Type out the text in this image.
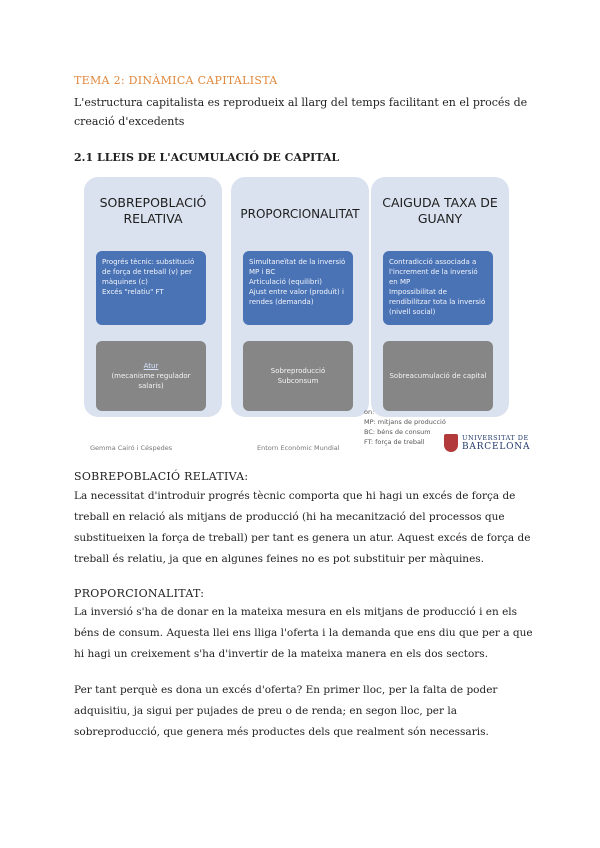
TEMA 2: DINÀMICA CAPITALISTA
L'estructura capitalista es reprodueix al llarg del temps facilitant en el procés de creació d'excedents
2.1 LLEIS DE L'ACUMULACIÓ DE CAPITAL
SOBREPOBLACIÓ RELATIVA
Progrés tècnic: substitució de força de treball (v) per màquines (c)
Excés "relatiu" FT
Atur
(mecanisme regulador salaris)
PROPORCIONALITAT
Simultaneïtat de la inversió MP i BC
Articulació (equilibri)
Ajust entre valor (produït) i rendes (demanda)
Sobreproducció
Subconsum
CAIGUDA TAXA DE GUANY
Contradicció associada a l'increment de la inversió en MP
Impossibilitat de rendibilitzar tota la inversió (nivell social)
Sobreacumulació de capital
Gemma Cairó i Céspedes	Entorn Econòmic Mundial
on:
MP: mitjans de producció
BC: béns de consum
FT: força de treball	UNIVERSITAT DE
BARCELONA
SOBREPOBLACIÓ RELATIVA:
La necessitat d'introduir progrés tècnic comporta que hi hagi un excés de força de treball en relació als mitjans de producció (hi ha mecanització del processos que substitueixen la força de treball) per tant es genera un atur. Aquest excés de força de treball és relatiu, ja que en algunes feines no es pot substituir per màquines.
PROPORCIONALITAT:
La inversió s'ha de donar en la mateixa mesura en els mitjans de producció i en els béns de consum. Aquesta llei ens lliga l'oferta i la demanda que ens diu que per a que hi hagi un creixement s'ha d'invertir de la mateixa manera en els dos sectors.
Per tant perquè es dona un excés d'oferta? En primer lloc, per la falta de poder adquisitiu, ja sigui per pujades de preu o de renda; en segon lloc, per la sobreproducció, que genera més productes dels que realment són necessaris.
